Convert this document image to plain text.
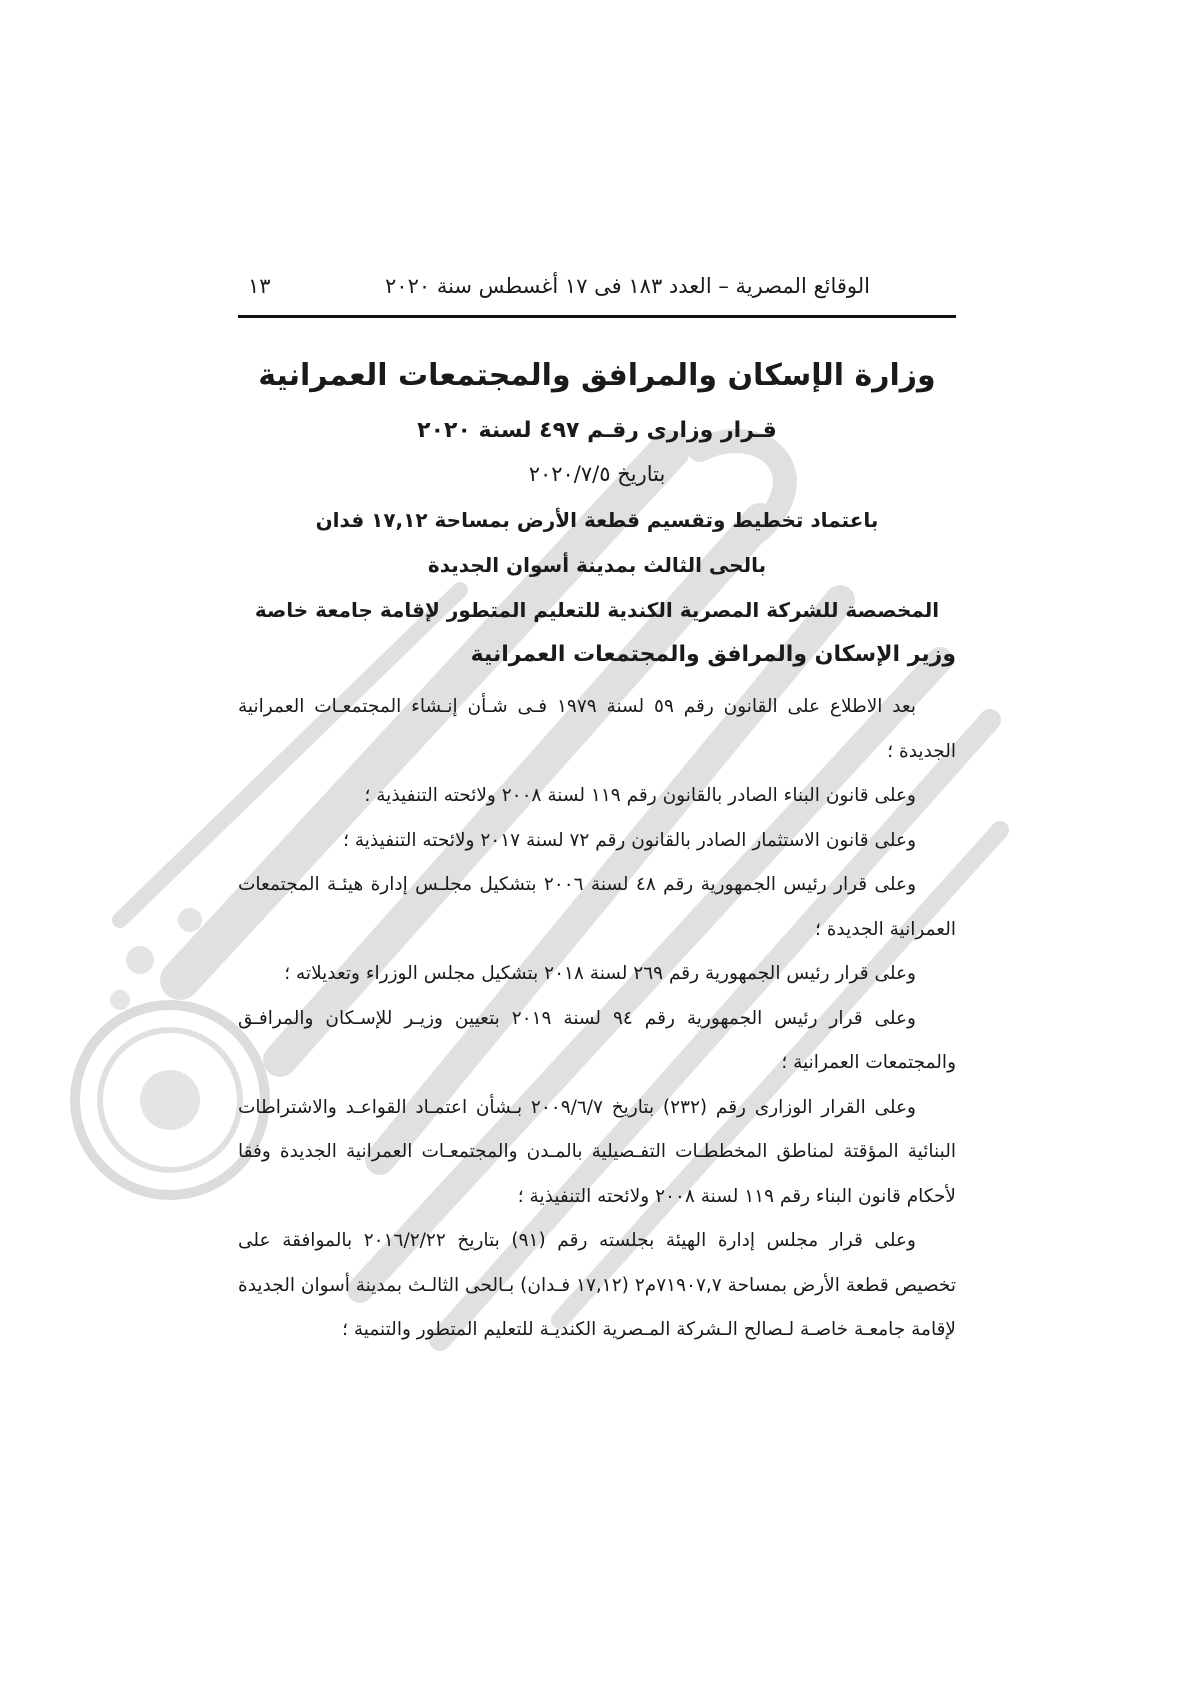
الوقائع المصرية – العدد ١٨٣ فى ١٧ أغسطس سنة ٢٠٢٠
١٣
وزارة الإسكان والمرافق والمجتمعات العمرانية
قـرار وزارى رقـم ٤٩٧ لسنة ٢٠٢٠
بتاريخ ٢٠٢٠/٧/٥
باعتماد تخطيط وتقسيم قطعة الأرض بمساحة ١٧,١٢ فدان
بالحى الثالث بمدينة أسوان الجديدة
المخصصة للشركة المصرية الكندية للتعليم المتطور لإقامة جامعة خاصة
وزير الإسكان والمرافق والمجتمعات العمرانية

بعد الاطلاع على القانون رقم ٥٩ لسنة ١٩٧٩ فـى شـأن إنـشاء المجتمعـات العمرانية الجديدة ؛

وعلى قانون البناء الصادر بالقانون رقم ١١٩ لسنة ٢٠٠٨ ولائحته التنفيذية ؛

وعلى قانون الاستثمار الصادر بالقانون رقم ٧٢ لسنة ٢٠١٧ ولائحته التنفيذية ؛

وعلى قرار رئيس الجمهورية رقم ٤٨ لسنة ٢٠٠٦ بتشكيل مجلـس إدارة هيئـة المجتمعات العمرانية الجديدة ؛

وعلى قرار رئيس الجمهورية رقم ٢٦٩ لسنة ٢٠١٨ بتشكيل مجلس الوزراء وتعديلاته ؛

وعلى قرار رئيس الجمهورية رقم ٩٤ لسنة ٢٠١٩ بتعيين وزيـر للإسـكان والمرافـق والمجتمعات العمرانية ؛

وعلى القرار الوزارى رقم (٢٣٢) بتاريخ ٢٠٠٩/٦/٧ بـشأن اعتمـاد القواعـد والاشتراطات البنائية المؤقتة لمناطق المخططـات التفـصيلية بالمـدن والمجتمعـات العمرانية الجديدة وفقا لأحكام قانون البناء رقم ١١٩ لسنة ٢٠٠٨ ولائحته التنفيذية ؛

وعلى قرار مجلس إدارة الهيئة بجلسته رقم (٩١) بتاريخ ٢٠١٦/٢/٢٢ بالموافقة على تخصيص قطعة الأرض بمساحة ٧١٩٠٧,٧م٢ (١٧,١٢ فـدان) بـالحى الثالـث بمدينة أسوان الجديدة لإقامة جامعـة خاصـة لـصالح الـشركة المـصرية الكنديـة للتعليم المتطور والتنمية ؛
